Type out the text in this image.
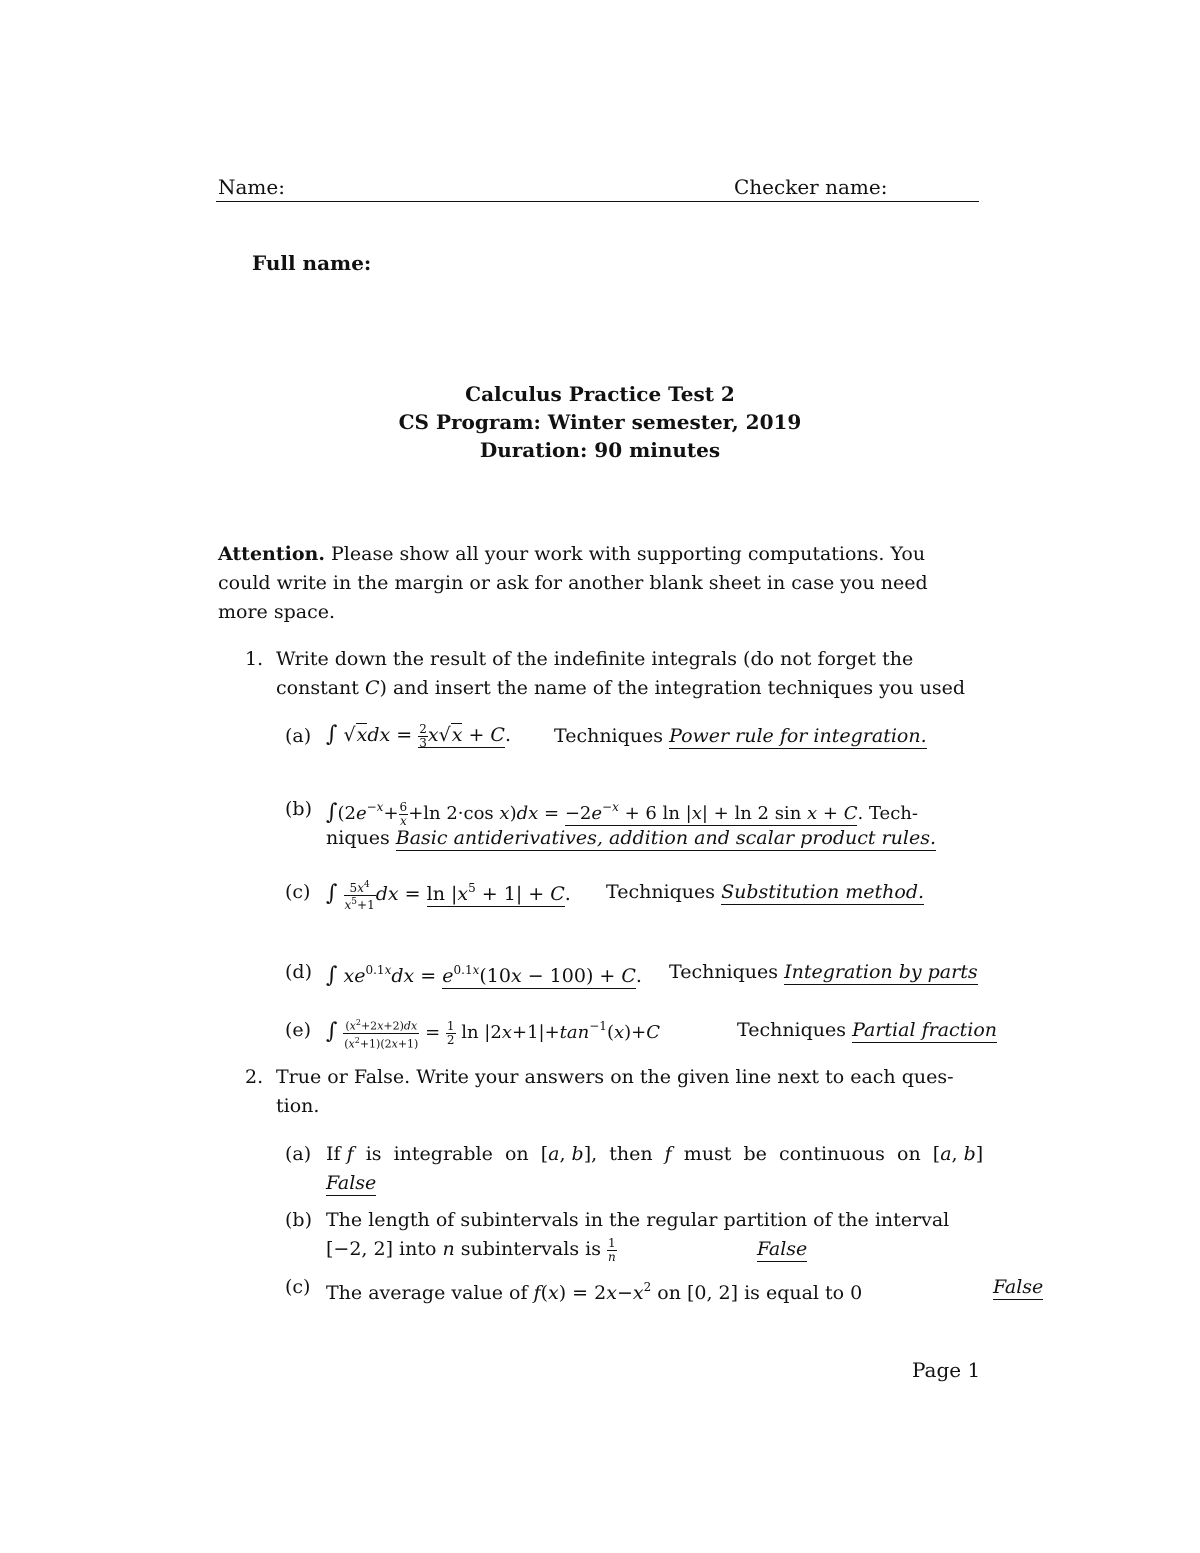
Name:	Checker name:
Full name:
Calculus Practice Test 2
CS Program: Winter semester, 2019
Duration: 90 minutes
Attention. Please show all your work with supporting computations. You
could write in the margin or ask for another blank sheet in case you need
more space.
1. Write down the result of the indefinite integrals (do not forget the
constant C) and insert the name of the integration techniques you used
(a) ∫ $√xdx = \frac{2}{3} x√x + C$. Techniques Power rule for integration.
(b) $\int(2e^{-x}+ \frac{6}{x} +\ln$ 2·cos $x)dx = -2e^{-x} + 6$ ln |x| + ln 2 sin x + C. Tech-
niques Basic antiderivatives, addition and scalar product rules.
(c) ∫ $\frac{5x^4}{x^5+1}$ dx = $\ln |x^5 + 1| + C$. Techniques Substitution method.
(d) ∫ $xe^{0.1x}dx = e^{0.1x}(10x - 100) + C$. Techniques Integration by parts
(e) ∫ $\frac{(x^2+2x+2)dx}{(x^2+1)(2x+1)} = \frac{1}{2}$ $\ln |2x+1|+\tan^{-1}(x)+C$	Techniques Partial fraction
2. True or False. Write your answers on the given line next to each ques-
tion.
(a) If f  is  integrable  on  [a, b],  then  f  must  be  continuous  on  [a, b]
False
(b) The length of subintervals in the regular partition of the interval
[−2, 2] into n subintervals is $\frac{1}{n}$	False
(c) The average value of $f(x) = 2x-x^2$ on [0, 2] is equal to 0	False
Page 1
